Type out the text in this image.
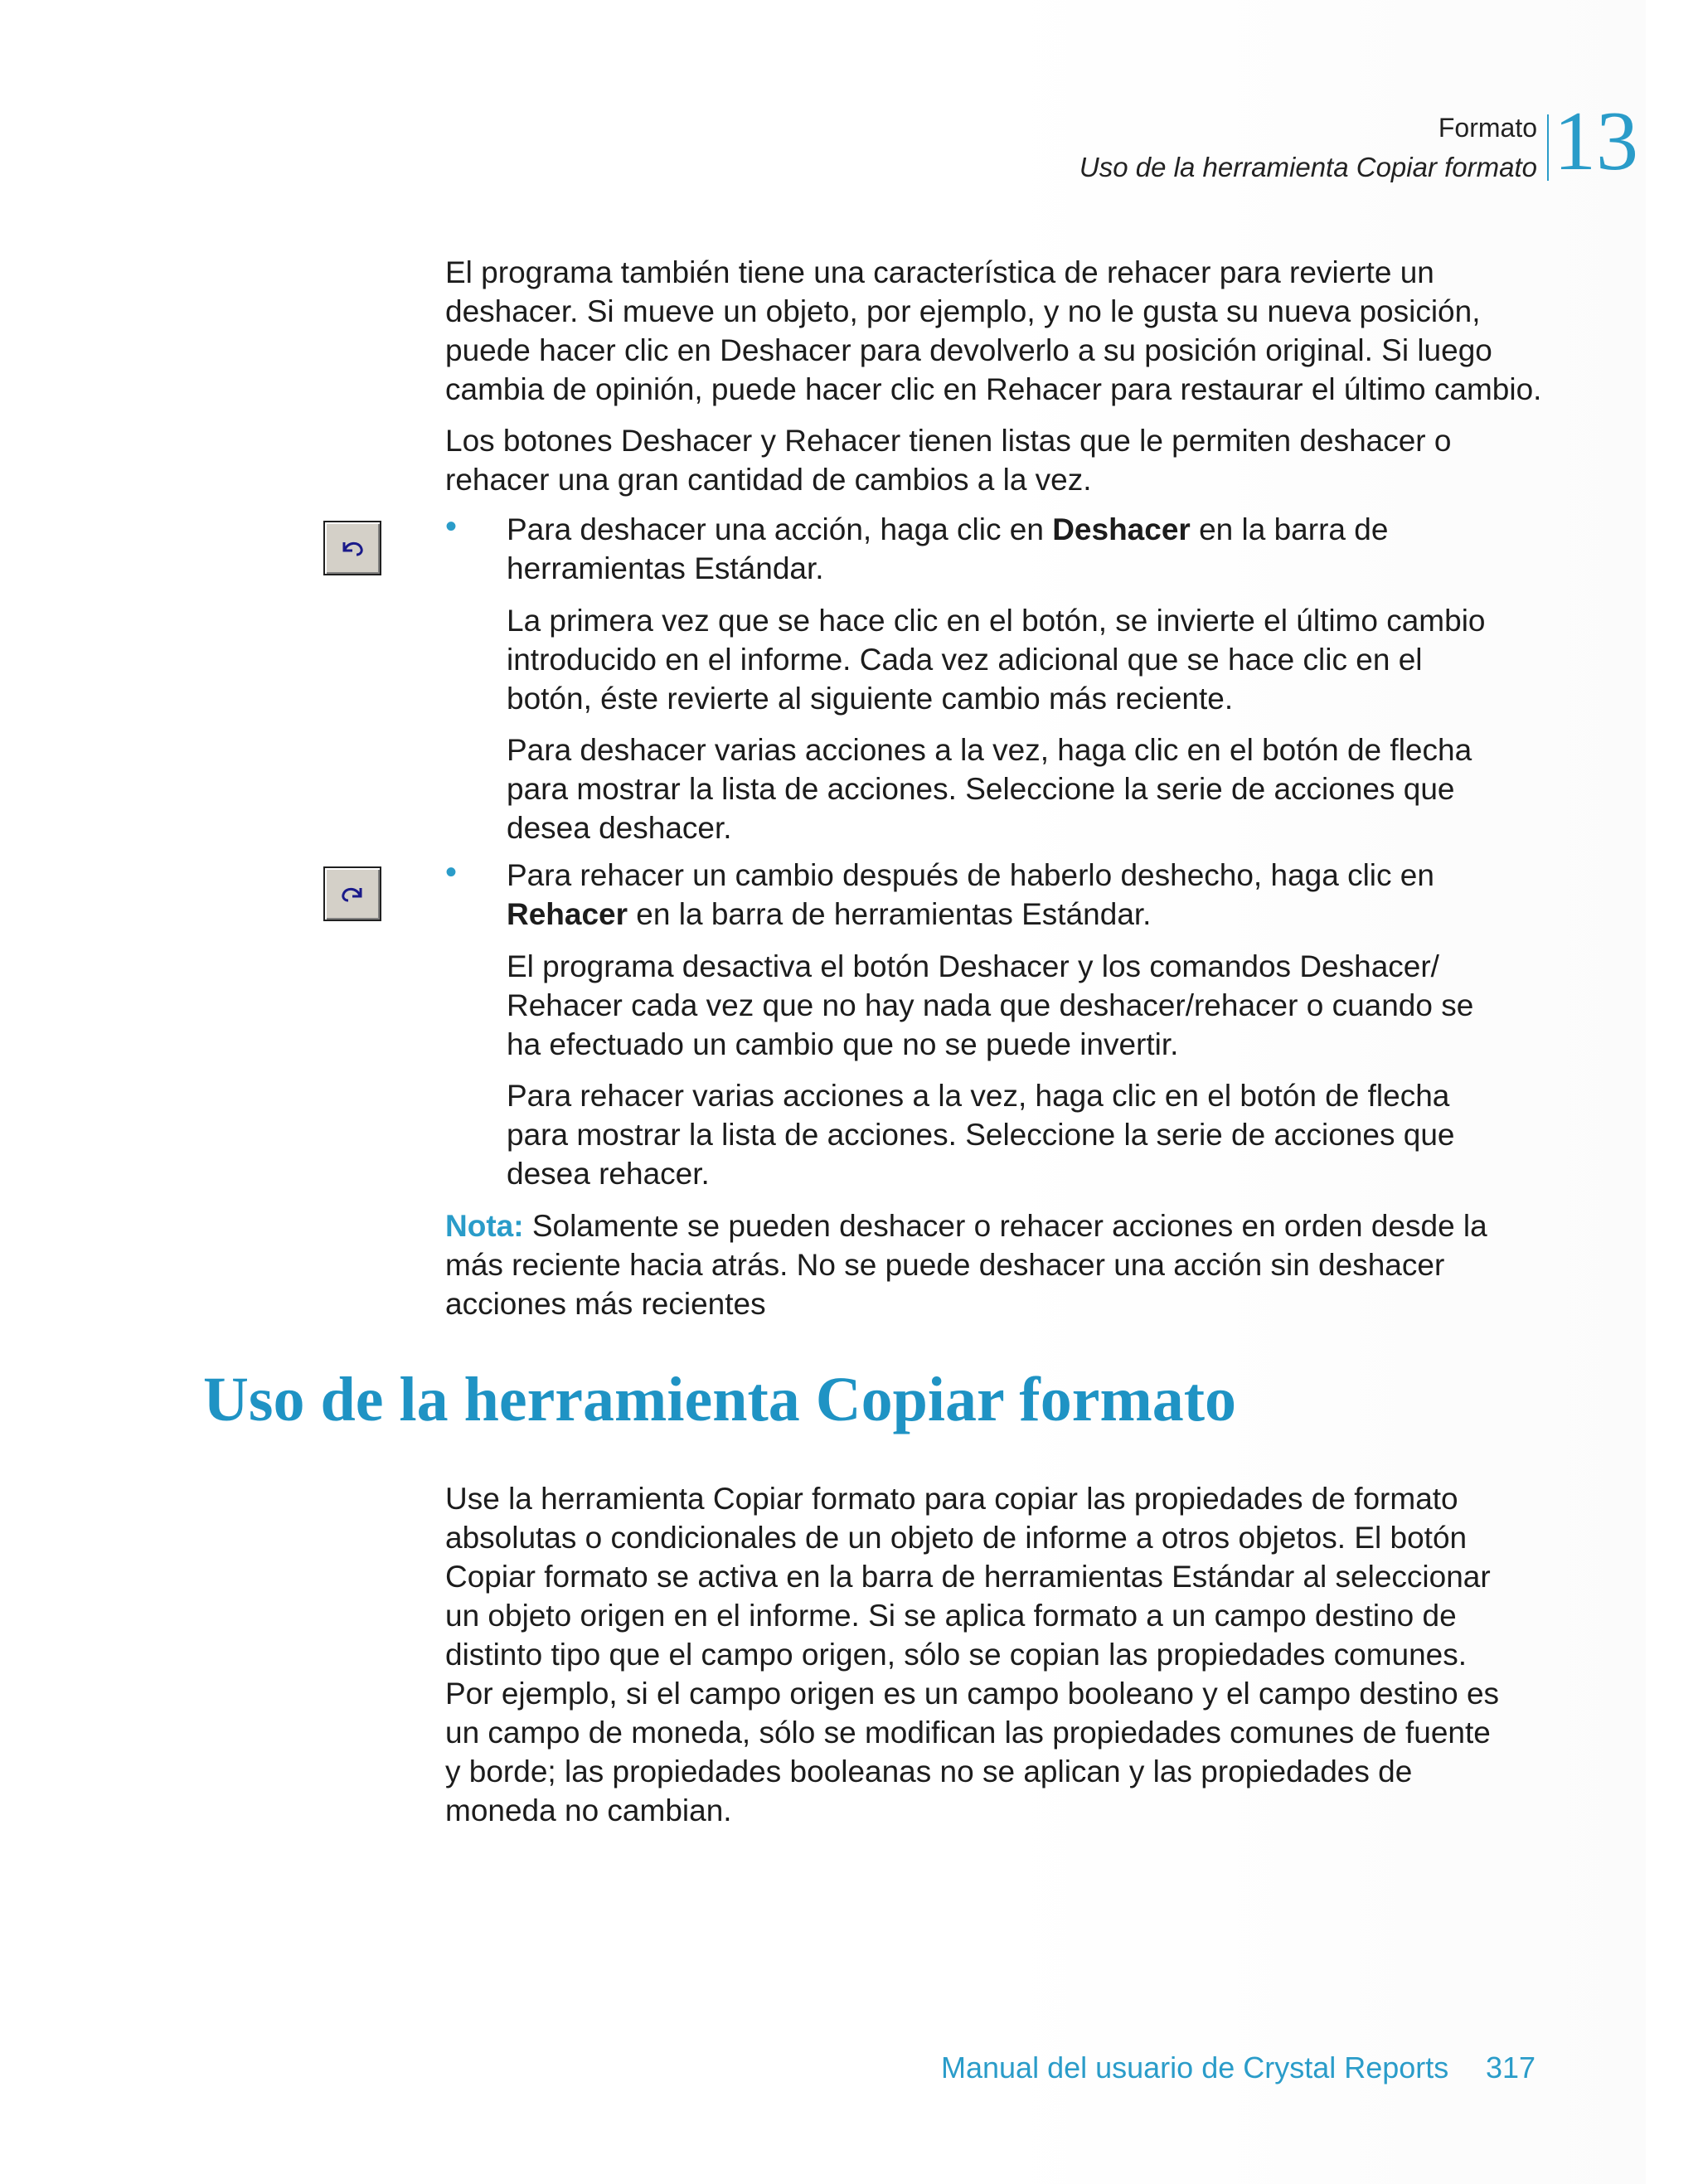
Formato
Uso de la herramienta Copiar formato 13
El programa también tiene una característica de rehacer para revierte un
deshacer. Si mueve un objeto, por ejemplo, y no le gusta su nueva posición,
puede hacer clic en Deshacer para devolverlo a su posición original. Si luego
cambia de opinión, puede hacer clic en Rehacer para restaurar el último cambio.
Los botones Deshacer y Rehacer tienen listas que le permiten deshacer o
rehacer una gran cantidad de cambios a la vez.
• Para deshacer una acción, haga clic en Deshacer en la barra de
herramientas Estándar.
La primera vez que se hace clic en el botón, se invierte el último cambio
introducido en el informe. Cada vez adicional que se hace clic en el
botón, éste revierte al siguiente cambio más reciente.
Para deshacer varias acciones a la vez, haga clic en el botón de flecha
para mostrar la lista de acciones. Seleccione la serie de acciones que
desea deshacer.
• Para rehacer un cambio después de haberlo deshecho, haga clic en
Rehacer en la barra de herramientas Estándar.
El programa desactiva el botón Deshacer y los comandos Deshacer/
Rehacer cada vez que no hay nada que deshacer/rehacer o cuando se
ha efectuado un cambio que no se puede invertir.
Para rehacer varias acciones a la vez, haga clic en el botón de flecha
para mostrar la lista de acciones. Seleccione la serie de acciones que
desea rehacer.
Nota: Solamente se pueden deshacer o rehacer acciones en orden desde la
más reciente hacia atrás. No se puede deshacer una acción sin deshacer
acciones más recientes
Uso de la herramienta Copiar formato
Use la herramienta Copiar formato para copiar las propiedades de formato
absolutas o condicionales de un objeto de informe a otros objetos. El botón
Copiar formato se activa en la barra de herramientas Estándar al seleccionar
un objeto origen en el informe. Si se aplica formato a un campo destino de
distinto tipo que el campo origen, sólo se copian las propiedades comunes.
Por ejemplo, si el campo origen es un campo booleano y el campo destino es
un campo de moneda, sólo se modifican las propiedades comunes de fuente
y borde; las propiedades booleanas no se aplican y las propiedades de
moneda no cambian.
Manual del usuario de Crystal Reports 317
